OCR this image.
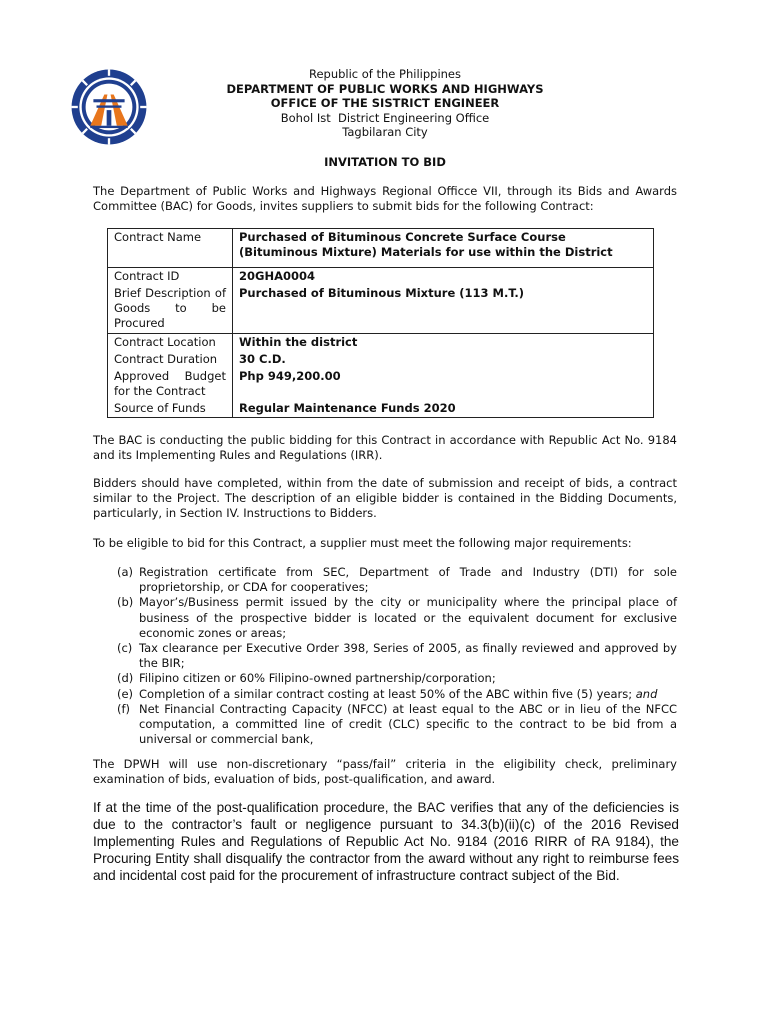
Republic of the Philippines
DEPARTMENT OF PUBLIC WORKS AND HIGHWAYS
OFFICE OF THE SISTRICT ENGINEER
Bohol Ist  District Engineering Office
Tagbilaran City
INVITATION TO BID

The Department of Public Works and Highways Regional Officce VII, through its Bids and Awards Committee (BAC) for Goods, invites suppliers to submit bids for the following Contract:

Contract Name	Purchased of Bituminous Concrete Surface Course (Bituminous Mixture) Materials for use within the District
Contract ID	20GHA0004

Brief Description of
Goods to be
Procured	Purchased of Bituminous Mixture (113 M.T.)
Contract Location	Within the district
Contract Duration	30 C.D.

Approved Budget
for the Contract	Php 949,200.00
Source of Funds	Regular Maintenance Funds 2020

The BAC is conducting the public bidding for this Contract in accordance with Republic Act No. 9184 and its Implementing Rules and Regulations (IRR).

Bidders should have completed, within from the date of submission and receipt of bids, a contract similar to the Project. The description of an eligible bidder is contained in the Bidding Documents, particularly, in Section IV. Instructions to Bidders.

To be eligible to bid for this Contract, a supplier must meet the following major requirements:

(a) Registration certificate from SEC, Department of Trade and Industry (DTI) for sole proprietorship, or CDA for cooperatives;
(b) Mayor’s/Business permit issued by the city or municipality where the principal place of business of the prospective bidder is located or the equivalent document for exclusive economic zones or areas;
(c) Tax clearance per Executive Order 398, Series of 2005, as finally reviewed and approved by the BIR;
(d) Filipino citizen or 60% Filipino-owned partnership/corporation;
(e) Completion of a similar contract costing at least 50% of the ABC within five (5) years; and
(f) Net Financial Contracting Capacity (NFCC) at least equal to the ABC or in lieu of the NFCC computation, a committed line of credit (CLC) specific to the contract to be bid from a universal or commercial bank,

The DPWH will use non-discretionary “pass/fail” criteria in the eligibility check, preliminary examination of bids, evaluation of bids, post-qualification, and award.

If at the time of the post-qualification procedure, the BAC verifies that any of the deficiencies is due to the contractor’s fault or negligence pursuant to 34.3(b)(ii)(c) of the 2016 Revised Implementing Rules and Regulations of Republic Act No. 9184 (2016 RIRR of RA 9184), the Procuring Entity shall disqualify the contractor from the award without any right to reimburse fees and incidental cost paid for the procurement of infrastructure contract subject of the Bid.
